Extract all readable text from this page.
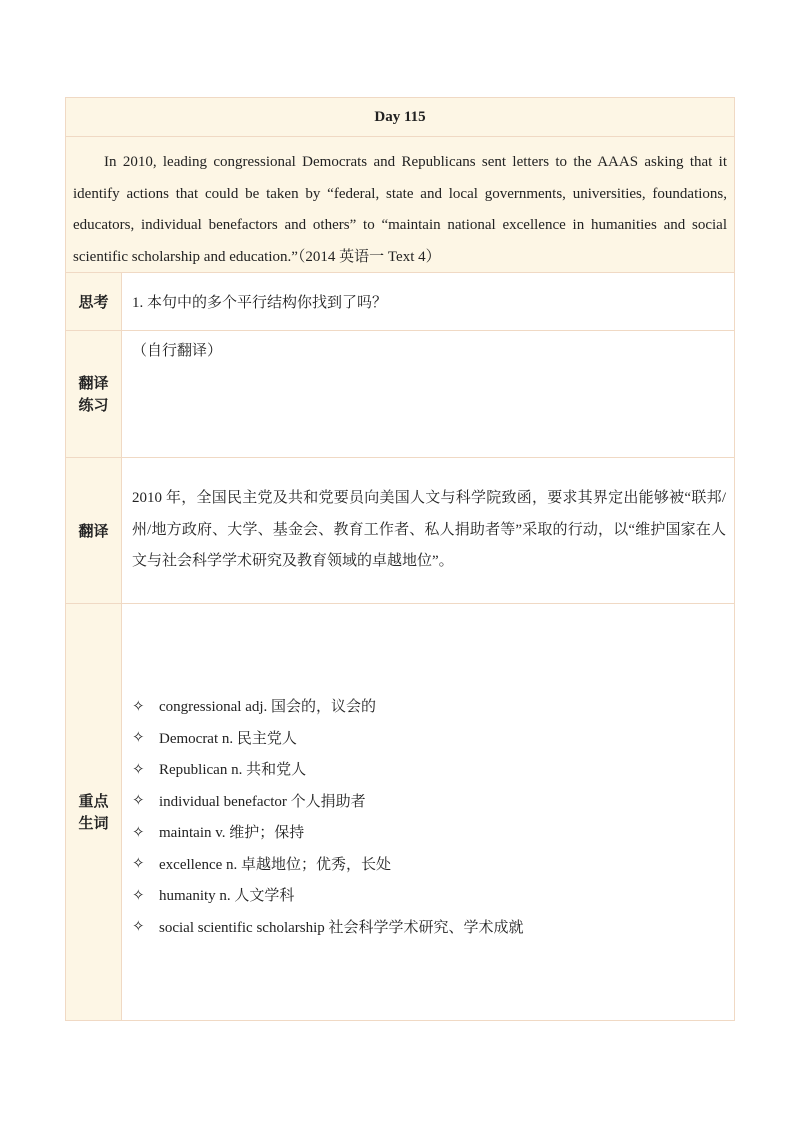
Day 115

In 2010, leading congressional Democrats and Republicans sent letters to the AAAS asking that it identify actions that could be taken by “federal, state and local governments, universities, foundations, educators, individual benefactors and others” to “maintain national excellence in humanities and social scientific scholarship and education.”（2014 英语一 Text 4）

思考	1. 本句中的多个平行结构你找到了吗？
翻译练习
（自行翻译）
翻译

2010 年，全国民主党及共和党要员向美国人文与科学院致函，要求其界定出能够被“联邦/州/地方政府、大学、基金会、教育工作者、私人捐助者等”采取的行动，以“维护国家在人文与社会科学学术研究及教育领域的卓越地位”。

重点生词
✧ congressional adj. 国会的，议会的
✧ Democrat n. 民主党人
✧ Republican n. 共和党人
✧ individual benefactor 个人捐助者
✧ maintain v. 维护；保持
✧ excellence n. 卓越地位；优秀，长处
✧ humanity n. 人文学科
✧ social scientific scholarship 社会科学学术研究、学术成就
